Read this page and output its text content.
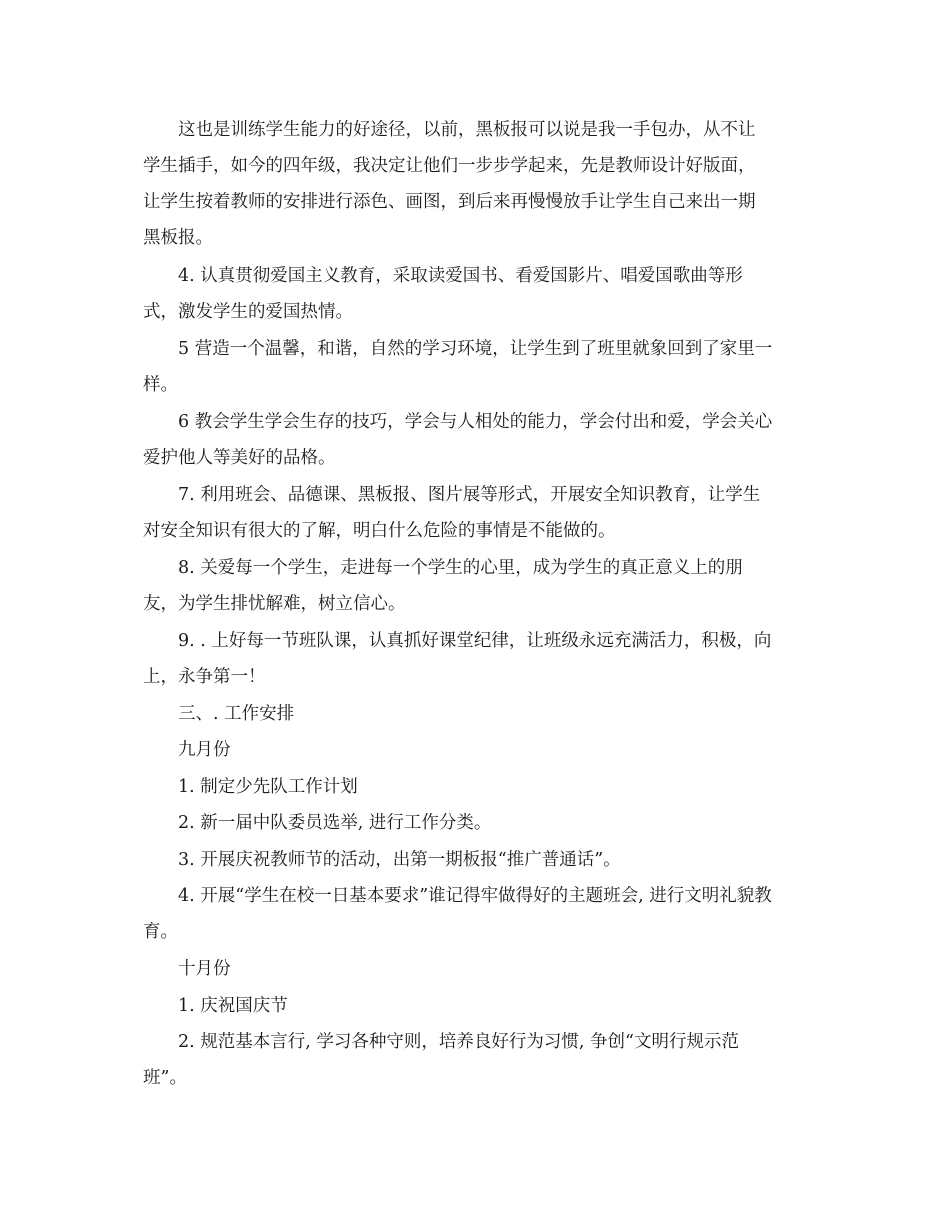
这也是训练学生能力的好途径，以前，黑板报可以说是我一手包办，从不让
学生插手，如今的四年级，我决定让他们一步步学起来，先是教师设计好版面，
让学生按着教师的安排进行添色、画图，到后来再慢慢放手让学生自己来出一期
黑板报。
4. 认真贯彻爱国主义教育，采取读爱国书、看爱国影片、唱爱国歌曲等形
式，激发学生的爱国热情。
5 营造一个温馨，和谐，自然的学习环境，让学生到了班里就象回到了家里一
样。
6 教会学生学会生存的技巧，学会与人相处的能力，学会付出和爱，学会关心
爱护他人等美好的品格。
7. 利用班会、品德课、黑板报、图片展等形式，开展安全知识教育，让学生
对安全知识有很大的了解，明白什么危险的事情是不能做的。
8. 关爱每一个学生，走进每一个学生的心里，成为学生的真正意义上的朋
友，为学生排忧解难，树立信心。
9. . 上好每一节班队课，认真抓好课堂纪律，让班级永远充满活力，积极，向
上，永争第一！
三、. 工作安排
九月份
1. 制定少先队工作计划
2. 新一届中队委员选举, 进行工作分类。
3. 开展庆祝教师节的活动，出第一期板报“推广普通话”。
4. 开展“学生在校一日基本要求”谁记得牢做得好的主题班会, 进行文明礼貌教
育。
十月份
1. 庆祝国庆节
2. 规范基本言行, 学习各种守则，培养良好行为习惯, 争创“文明行规示范
班”。
